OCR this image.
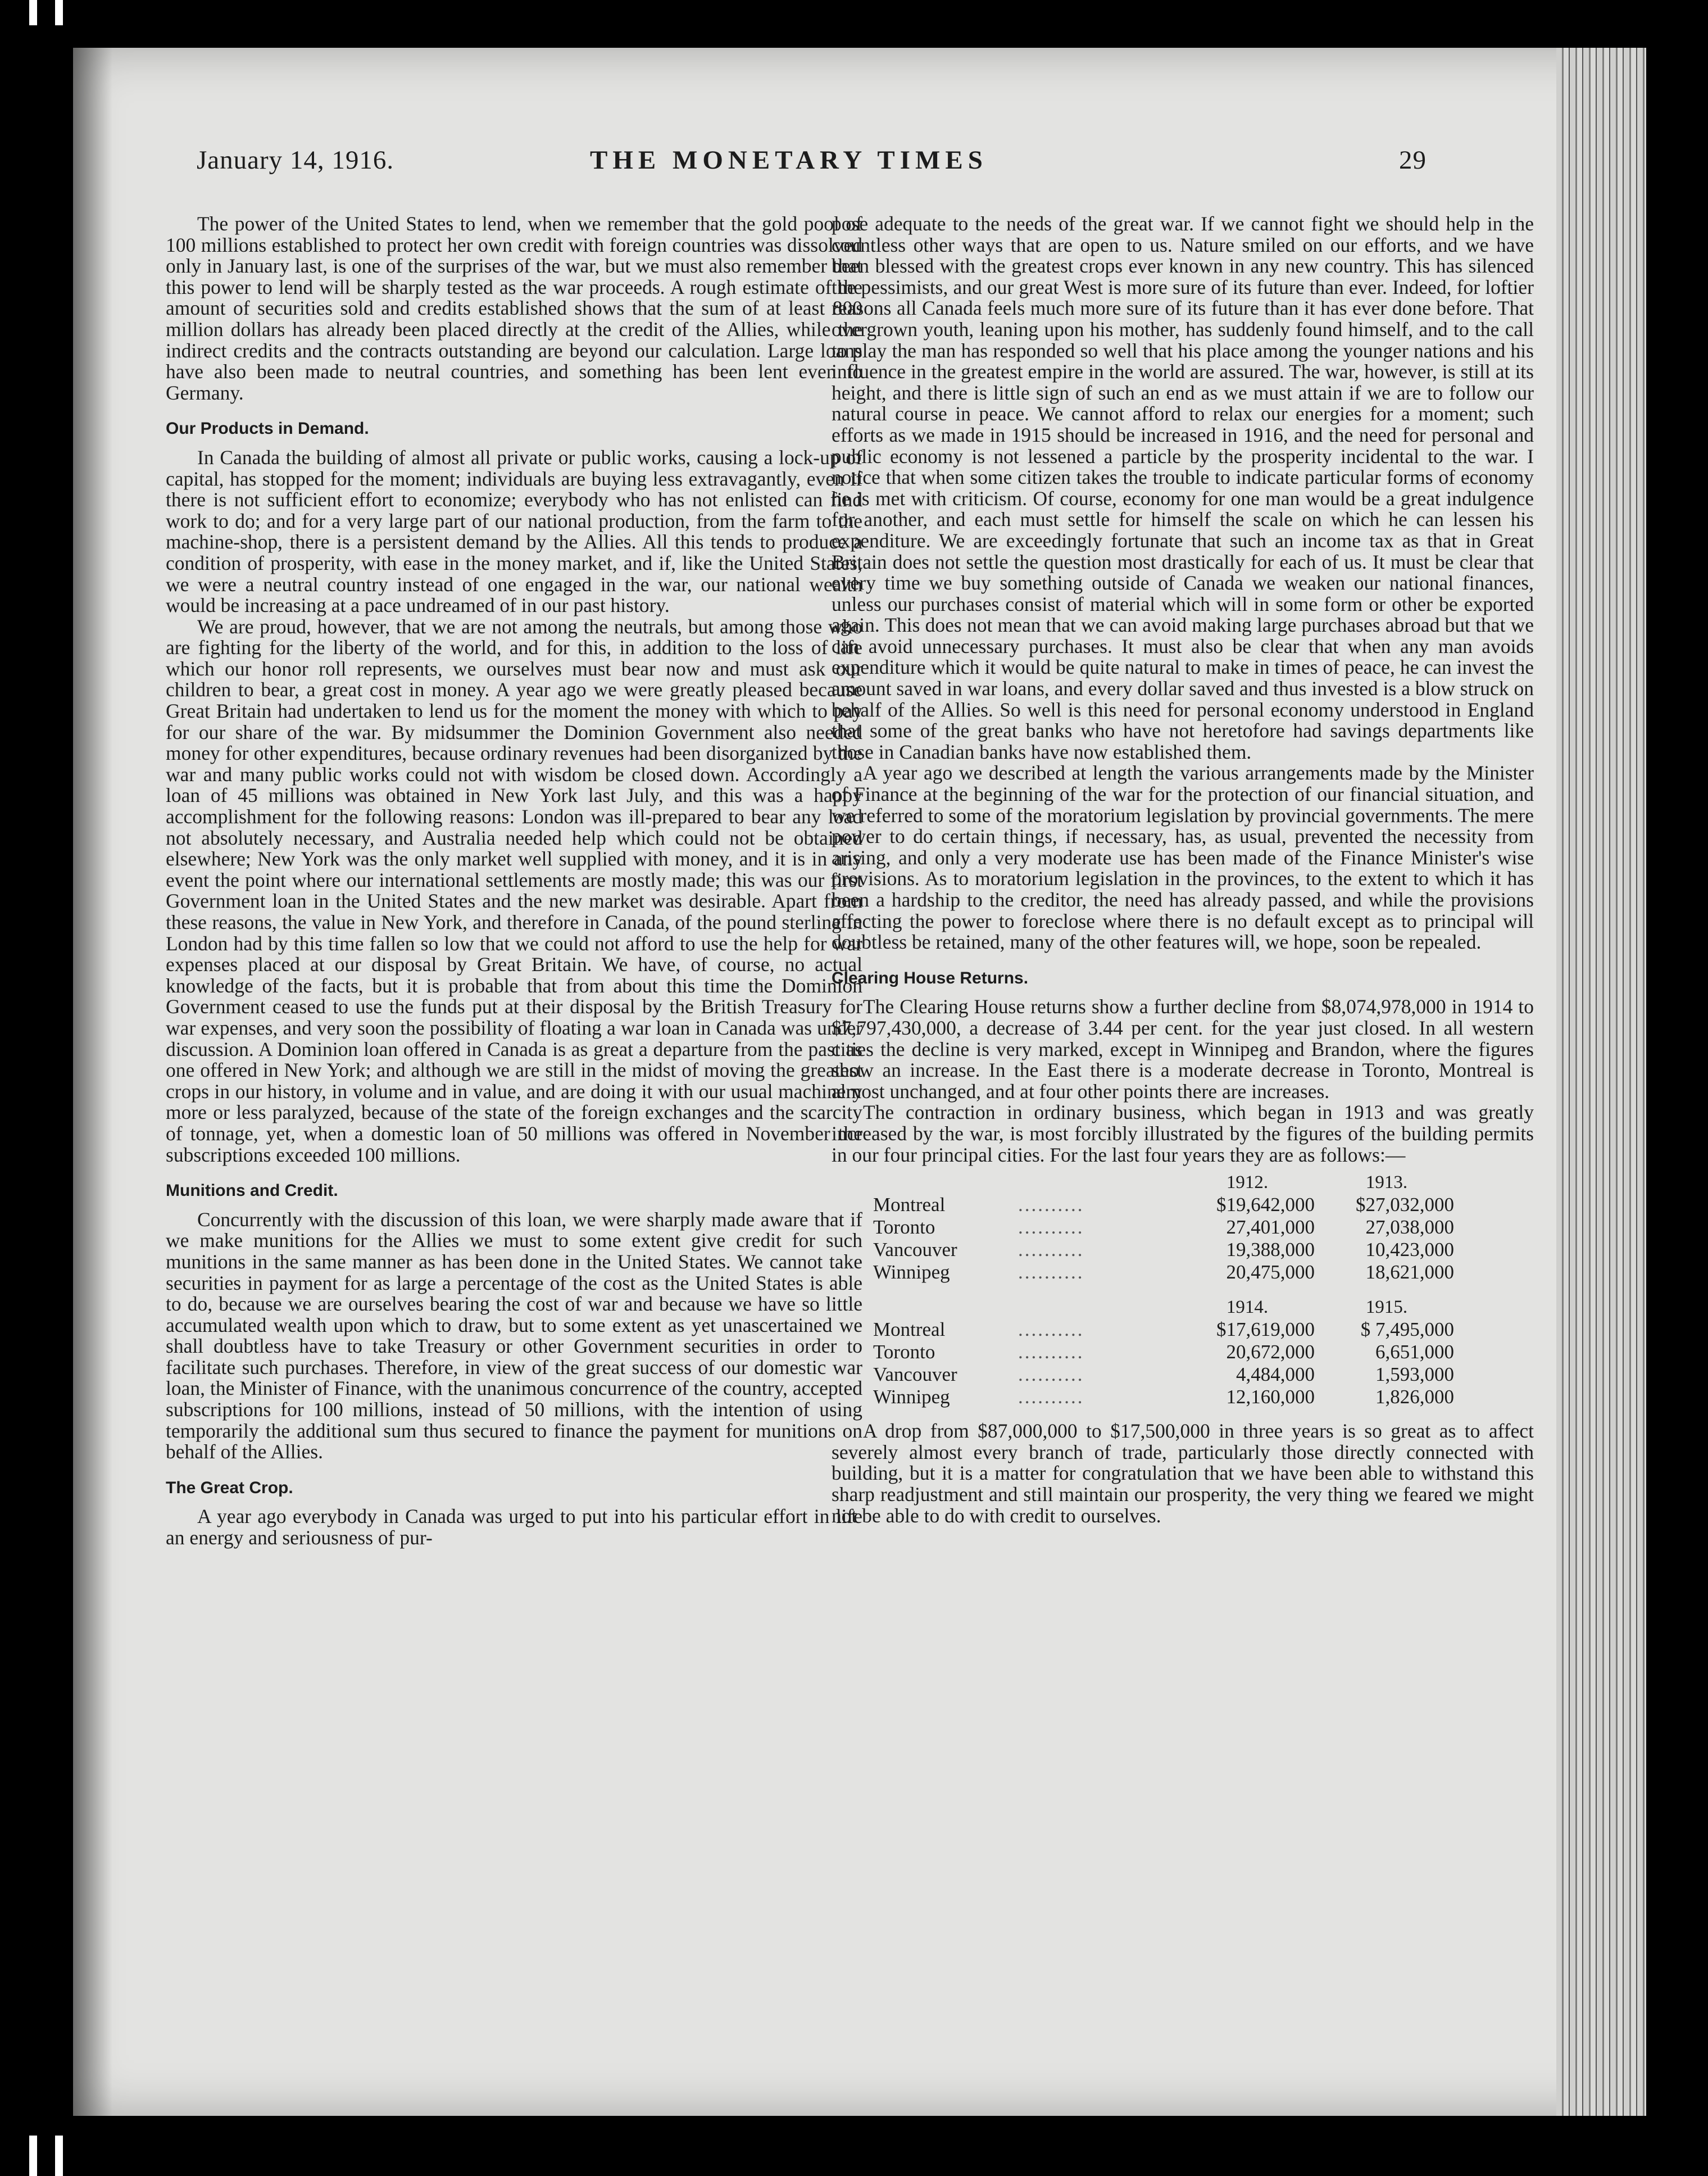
January 14, 1916.	THE MONETARY TIMES	29

The power of the United States to lend, when we remember that the gold pool of 100 millions established to protect her own credit with foreign countries was dissolved only in January last, is one of the surprises of the war, but we must also remember that this power to lend will be sharply tested as the war proceeds. A rough estimate of the amount of securities sold and credits established shows that the sum of at least 800 million dollars has already been placed directly at the credit of the Allies, while the indirect credits and the contracts outstanding are beyond our calculation. Large loans have also been made to neutral countries, and something has been lent even to Germany.

Our Products in Demand.

In Canada the building of almost all private or public works, causing a lock-up of capital, has stopped for the moment; individuals are buying less extravagantly, even if there is not sufficient effort to economize; everybody who has not enlisted can find work to do; and for a very large part of our national production, from the farm to the machine-shop, there is a persistent demand by the Allies. All this tends to produce a condition of prosperity, with ease in the money market, and if, like the United States, we were a neutral country instead of one engaged in the war, our national wealth would be increasing at a pace undreamed of in our past history.

We are proud, however, that we are not among the neutrals, but among those who are fighting for the liberty of the world, and for this, in addition to the loss of life which our honor roll represents, we ourselves must bear now and must ask our children to bear, a great cost in money. A year ago we were greatly pleased because Great Britain had undertaken to lend us for the moment the money with which to pay for our share of the war. By midsummer the Dominion Government also needed money for other expenditures, because ordinary revenues had been disorganized by the war and many public works could not with wisdom be closed down. Accordingly a loan of 45 millions was obtained in New York last July, and this was a happy accomplishment for the following reasons: London was ill-prepared to bear any load not absolutely necessary, and Australia needed help which could not be obtained elsewhere; New York was the only market well supplied with money, and it is in any event the point where our international settlements are mostly made; this was our first Government loan in the United States and the new market was desirable. Apart from these reasons, the value in New York, and therefore in Canada, of the pound sterling in London had by this time fallen so low that we could not afford to use the help for war expenses placed at our disposal by Great Britain. We have, of course, no actual knowledge of the facts, but it is probable that from about this time the Dominion Government ceased to use the funds put at their disposal by the British Treasury for war expenses, and very soon the possibility of floating a war loan in Canada was under discussion. A Dominion loan offered in Canada is as great a departure from the past as one offered in New York; and although we are still in the midst of moving the greatest crops in our history, in volume and in value, and are doing it with our usual machinery more or less paralyzed, because of the state of the foreign exchanges and the scarcity of tonnage, yet, when a domestic loan of 50 millions was offered in November the subscriptions exceeded 100 millions.

Munitions and Credit.

Concurrently with the discussion of this loan, we were sharply made aware that if we make munitions for the Allies we must to some extent give credit for such munitions in the same manner as has been done in the United States. We cannot take securities in payment for as large a percentage of the cost as the United States is able to do, because we are ourselves bearing the cost of war and because we have so little accumulated wealth upon which to draw, but to some extent as yet unascertained we shall doubtless have to take Treasury or other Government securities in order to facilitate such purchases. Therefore, in view of the great success of our domestic war loan, the Minister of Finance, with the unanimous concurrence of the country, accepted subscriptions for 100 millions, instead of 50 millions, with the intention of using temporarily the additional sum thus secured to finance the payment for munitions on behalf of the Allies.

The Great Crop.

A year ago everybody in Canada was urged to put into his particular effort in life an energy and seriousness of pur-

pose adequate to the needs of the great war. If we cannot fight we should help in the countless other ways that are open to us. Nature smiled on our efforts, and we have been blessed with the greatest crops ever known in any new country. This has silenced the pessimists, and our great West is more sure of its future than ever. Indeed, for loftier reasons all Canada feels much more sure of its future than it has ever done before. That overgrown youth, leaning upon his mother, has suddenly found himself, and to the call to play the man has responded so well that his place among the younger nations and his influence in the greatest empire in the world are assured. The war, however, is still at its height, and there is little sign of such an end as we must attain if we are to follow our natural course in peace. We cannot afford to relax our energies for a moment; such efforts as we made in 1915 should be increased in 1916, and the need for personal and public economy is not lessened a particle by the prosperity incidental to the war. I notice that when some citizen takes the trouble to indicate particular forms of economy he is met with criticism. Of course, economy for one man would be a great indulgence for another, and each must settle for himself the scale on which he can lessen his expenditure. We are exceedingly fortunate that such an income tax as that in Great Britain does not settle the question most drastically for each of us. It must be clear that every time we buy something outside of Canada we weaken our national finances, unless our purchases consist of material which will in some form or other be exported again. This does not mean that we can avoid making large purchases abroad but that we can avoid unnecessary purchases. It must also be clear that when any man avoids expenditure which it would be quite natural to make in times of peace, he can invest the amount saved in war loans, and every dollar saved and thus invested is a blow struck on behalf of the Allies. So well is this need for personal economy understood in England that some of the great banks who have not heretofore had savings departments like those in Canadian banks have now established them.

A year ago we described at length the various arrangements made by the Minister of Finance at the beginning of the war for the protection of our financial situation, and we referred to some of the moratorium legislation by provincial governments. The mere power to do certain things, if necessary, has, as usual, prevented the necessity from arising, and only a very moderate use has been made of the Finance Minister's wise provisions. As to moratorium legislation in the provinces, to the extent to which it has been a hardship to the creditor, the need has already passed, and while the provisions affecting the power to foreclose where there is no default except as to principal will doubtless be retained, many of the other features will, we hope, soon be repealed.

Clearing House Returns.

The Clearing House returns show a further decline from $8,074,978,000 in 1914 to $7,797,430,000, a decrease of 3.44 per cent. for the year just closed. In all western cities the decline is very marked, except in Winnipeg and Brandon, where the figures show an increase. In the East there is a moderate decrease in Toronto, Montreal is almost unchanged, and at four other points there are increases.

The contraction in ordinary business, which began in 1913 and was greatly increased by the war, is most forcibly illustrated by the figures of the building permits in our four principal cities. For the last four years they are as follows:—

		1912.	1913.
Montreal	..........	$19,642,000	$27,032,000
Toronto	..........	27,401,000	27,038,000
Vancouver	..........	19,388,000	10,423,000
Winnipeg	..........	20,475,000	18,621,000
		1914.	1915.
Montreal	..........	$17,619,000	$ 7,495,000
Toronto	..........	20,672,000	6,651,000
Vancouver	..........	4,484,000	1,593,000
Winnipeg	..........	12,160,000	1,826,000

A drop from $87,000,000 to $17,500,000 in three years is so great as to affect severely almost every branch of trade, particularly those directly connected with building, but it is a matter for congratulation that we have been able to withstand this sharp readjustment and still maintain our prosperity, the very thing we feared we might not be able to do with credit to ourselves.
